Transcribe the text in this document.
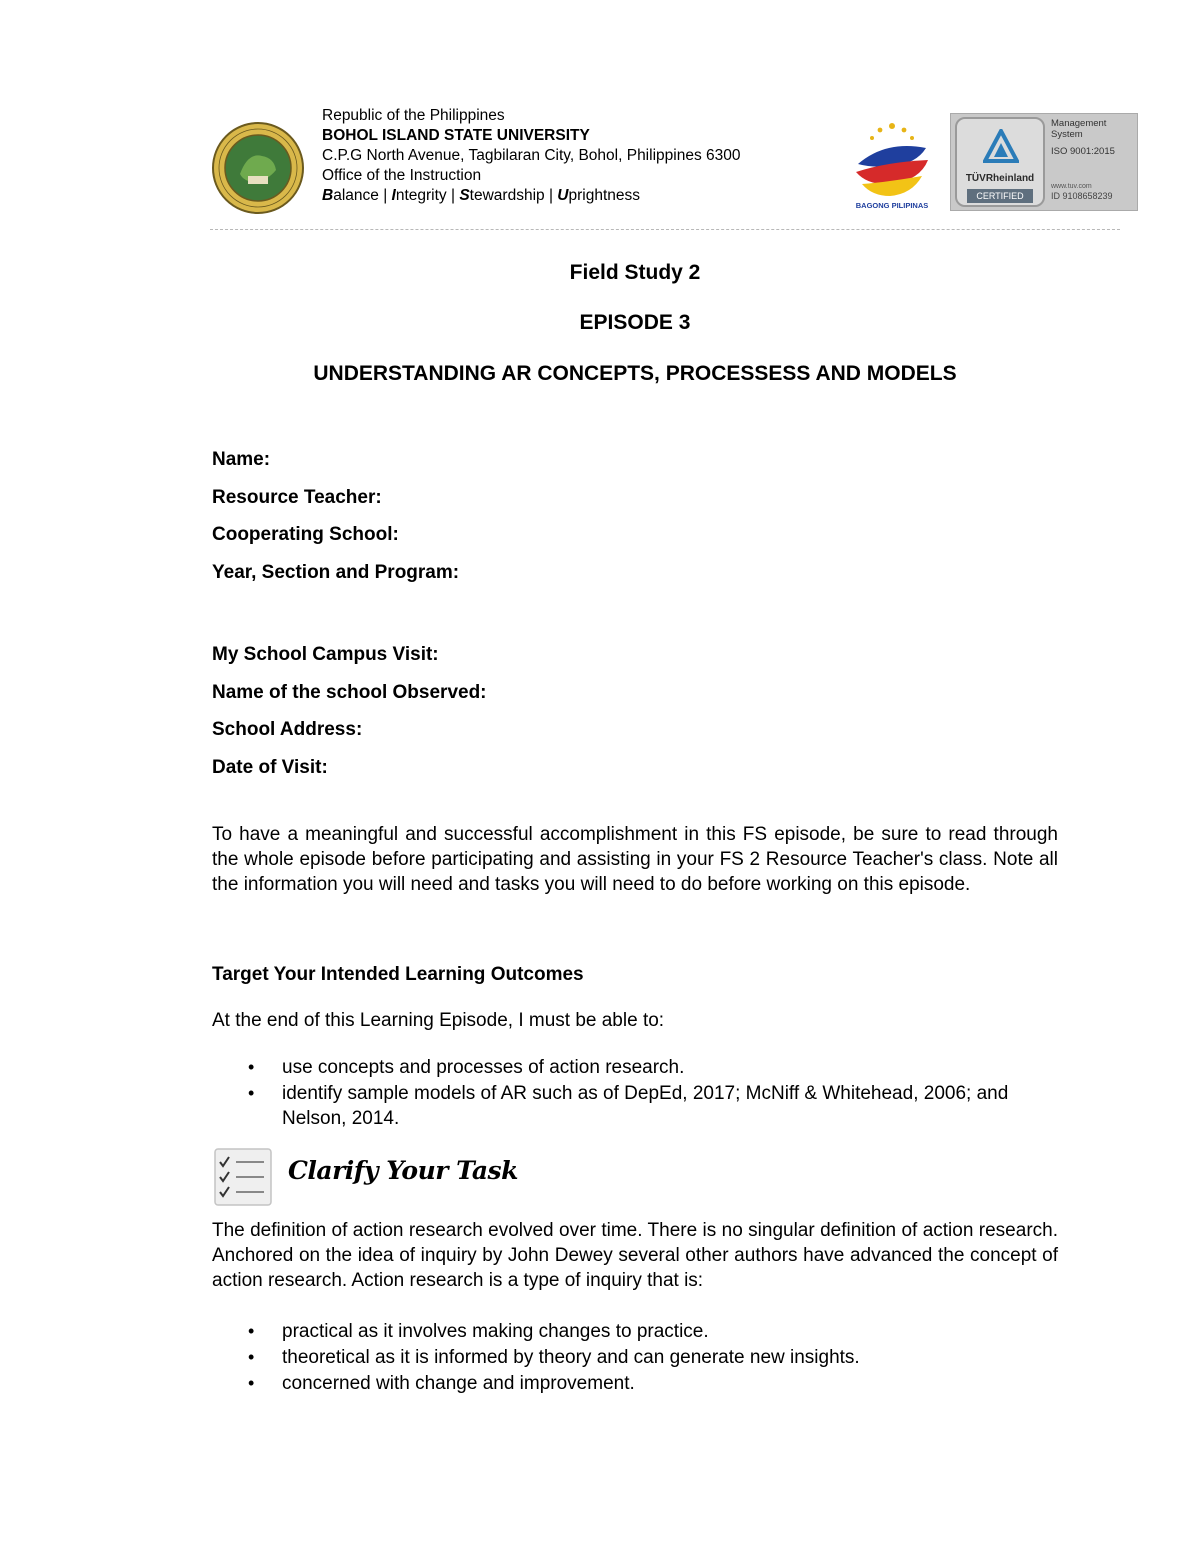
Republic of the Philippines
BOHOL ISLAND STATE UNIVERSITY
C.P.G North Avenue, Tagbilaran City, Bohol, Philippines 6300
Office of the Instruction
Balance | Integrity | Stewardship | Uprightness
BAGONG PILIPINAS
TÜVRheinland
CERTIFIED
Management
System
ISO 9001:2015
www.tuv.com
ID 9108658239
Field Study 2
EPISODE 3
UNDERSTANDING AR CONCEPTS, PROCESSESS AND MODELS
Name:
Resource Teacher:
Cooperating School:
Year, Section and Program:
My School Campus Visit:
Name of the school Observed:
School Address:
Date of Visit:
To have a meaningful and successful accomplishment in this FS episode, be sure to read through the whole episode before participating and assisting in your FS 2 Resource Teacher's class. Note all the information you will need and tasks you will need to do before working on this episode.
Target Your Intended Learning Outcomes
At the end of this Learning Episode, I must be able to:
• use concepts and processes of action research.
• identify sample models of AR such as of DepEd, 2017; McNiff & Whitehead, 2006; and Nelson, 2014.
Clarify Your Task
The definition of action research evolved over time. There is no singular definition of action research. Anchored on the idea of inquiry by John Dewey several other authors have advanced the concept of action research. Action research is a type of inquiry that is:
• practical as it involves making changes to practice.
• theoretical as it is informed by theory and can generate new insights.
• concerned with change and improvement.
